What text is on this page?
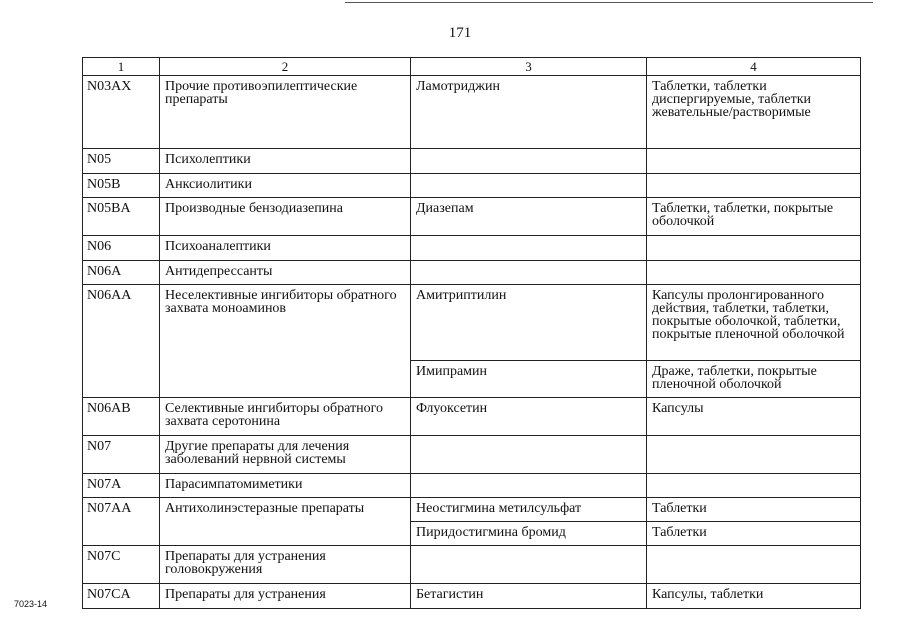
171
1	2	3	4
N03AX	Прочие противоэпилептические препараты	Ламотриджин	Таблетки, таблетки диспергируемые, таблетки жевательные/растворимые
N05	Психолептики		
N05B	Анксиолитики		
N05BA	Производные бензодиазепина	Диазепам	Таблетки, таблетки, покрытые оболочкой
N06	Психоаналептики		
N06A	Антидепрессанты		
N06AA	Неселективные ингибиторы обратного захвата моноаминов	Амитриптилин	Капсулы пролонгированного действия, таблетки, таблетки, покрытые оболочкой, таблетки, покрытые пленочной оболочкой
		Имипрамин	Драже, таблетки, покрытые пленочной оболочкой
N06AB	Селективные ингибиторы обратного захвата серотонина	Флуоксетин	Капсулы
N07	Другие препараты для лечения заболеваний нервной системы		
N07A	Парасимпатомиметики		
N07AA	Антихолинэстеразные препараты	Неостигмина метилсульфат	Таблетки
		Пиридостигмина бромид	Таблетки
N07C	Препараты для устранения головокружения		
N07CA	Препараты для устранения	Бетагистин	Капсулы, таблетки
7023-14
